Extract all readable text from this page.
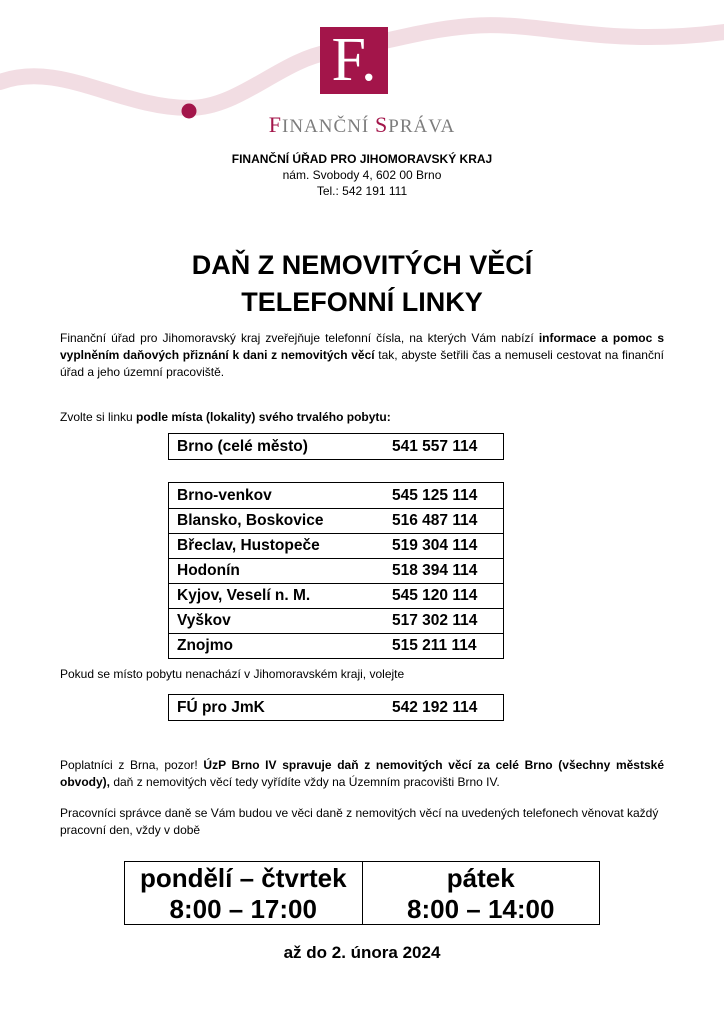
F.
FINANČNÍ SPRÁVA
FINANČNÍ ÚŘAD PRO JIHOMORAVSKÝ KRAJ
nám. Svobody 4, 602 00 Brno
Tel.: 542 191 111
DAŇ Z NEMOVITÝCH VĚCÍ
TELEFONNÍ LINKY
Finanční úřad pro Jihomoravský kraj zveřejňuje telefonní čísla, na kterých Vám nabízí informace a pomoc s vyplněním daňových přiznání k dani z nemovitých věcí tak, abyste šetřili čas a nemuseli cestovat na finanční úřad a jeho územní pracoviště.
Zvolte si linku podle místa (lokality) svého trvalého pobytu:
Brno (celé město)	541 557 114
Brno-venkov	545 125 114
Blansko, Boskovice	516 487 114
Břeclav, Hustopeče	519 304 114
Hodonín	518 394 114
Kyjov, Veselí n. M.	545 120 114
Vyškov	517 302 114
Znojmo	515 211 114
Pokud se místo pobytu nenachází v Jihomoravském kraji, volejte
FÚ pro JmK	542 192 114
Poplatníci z Brna, pozor! ÚzP Brno IV spravuje daň z nemovitých věcí za celé Brno (všechny městské obvody), daň z nemovitých věcí tedy vyřídíte vždy na Územním pracovišti Brno IV.
Pracovníci správce daně se Vám budou ve věci daně z nemovitých věcí na uvedených telefonech věnovat každý pracovní den, vždy v době
pondělí – čtvrtek
8:00 – 17:00
pátek
8:00 – 14:00
až do 2. února 2024
